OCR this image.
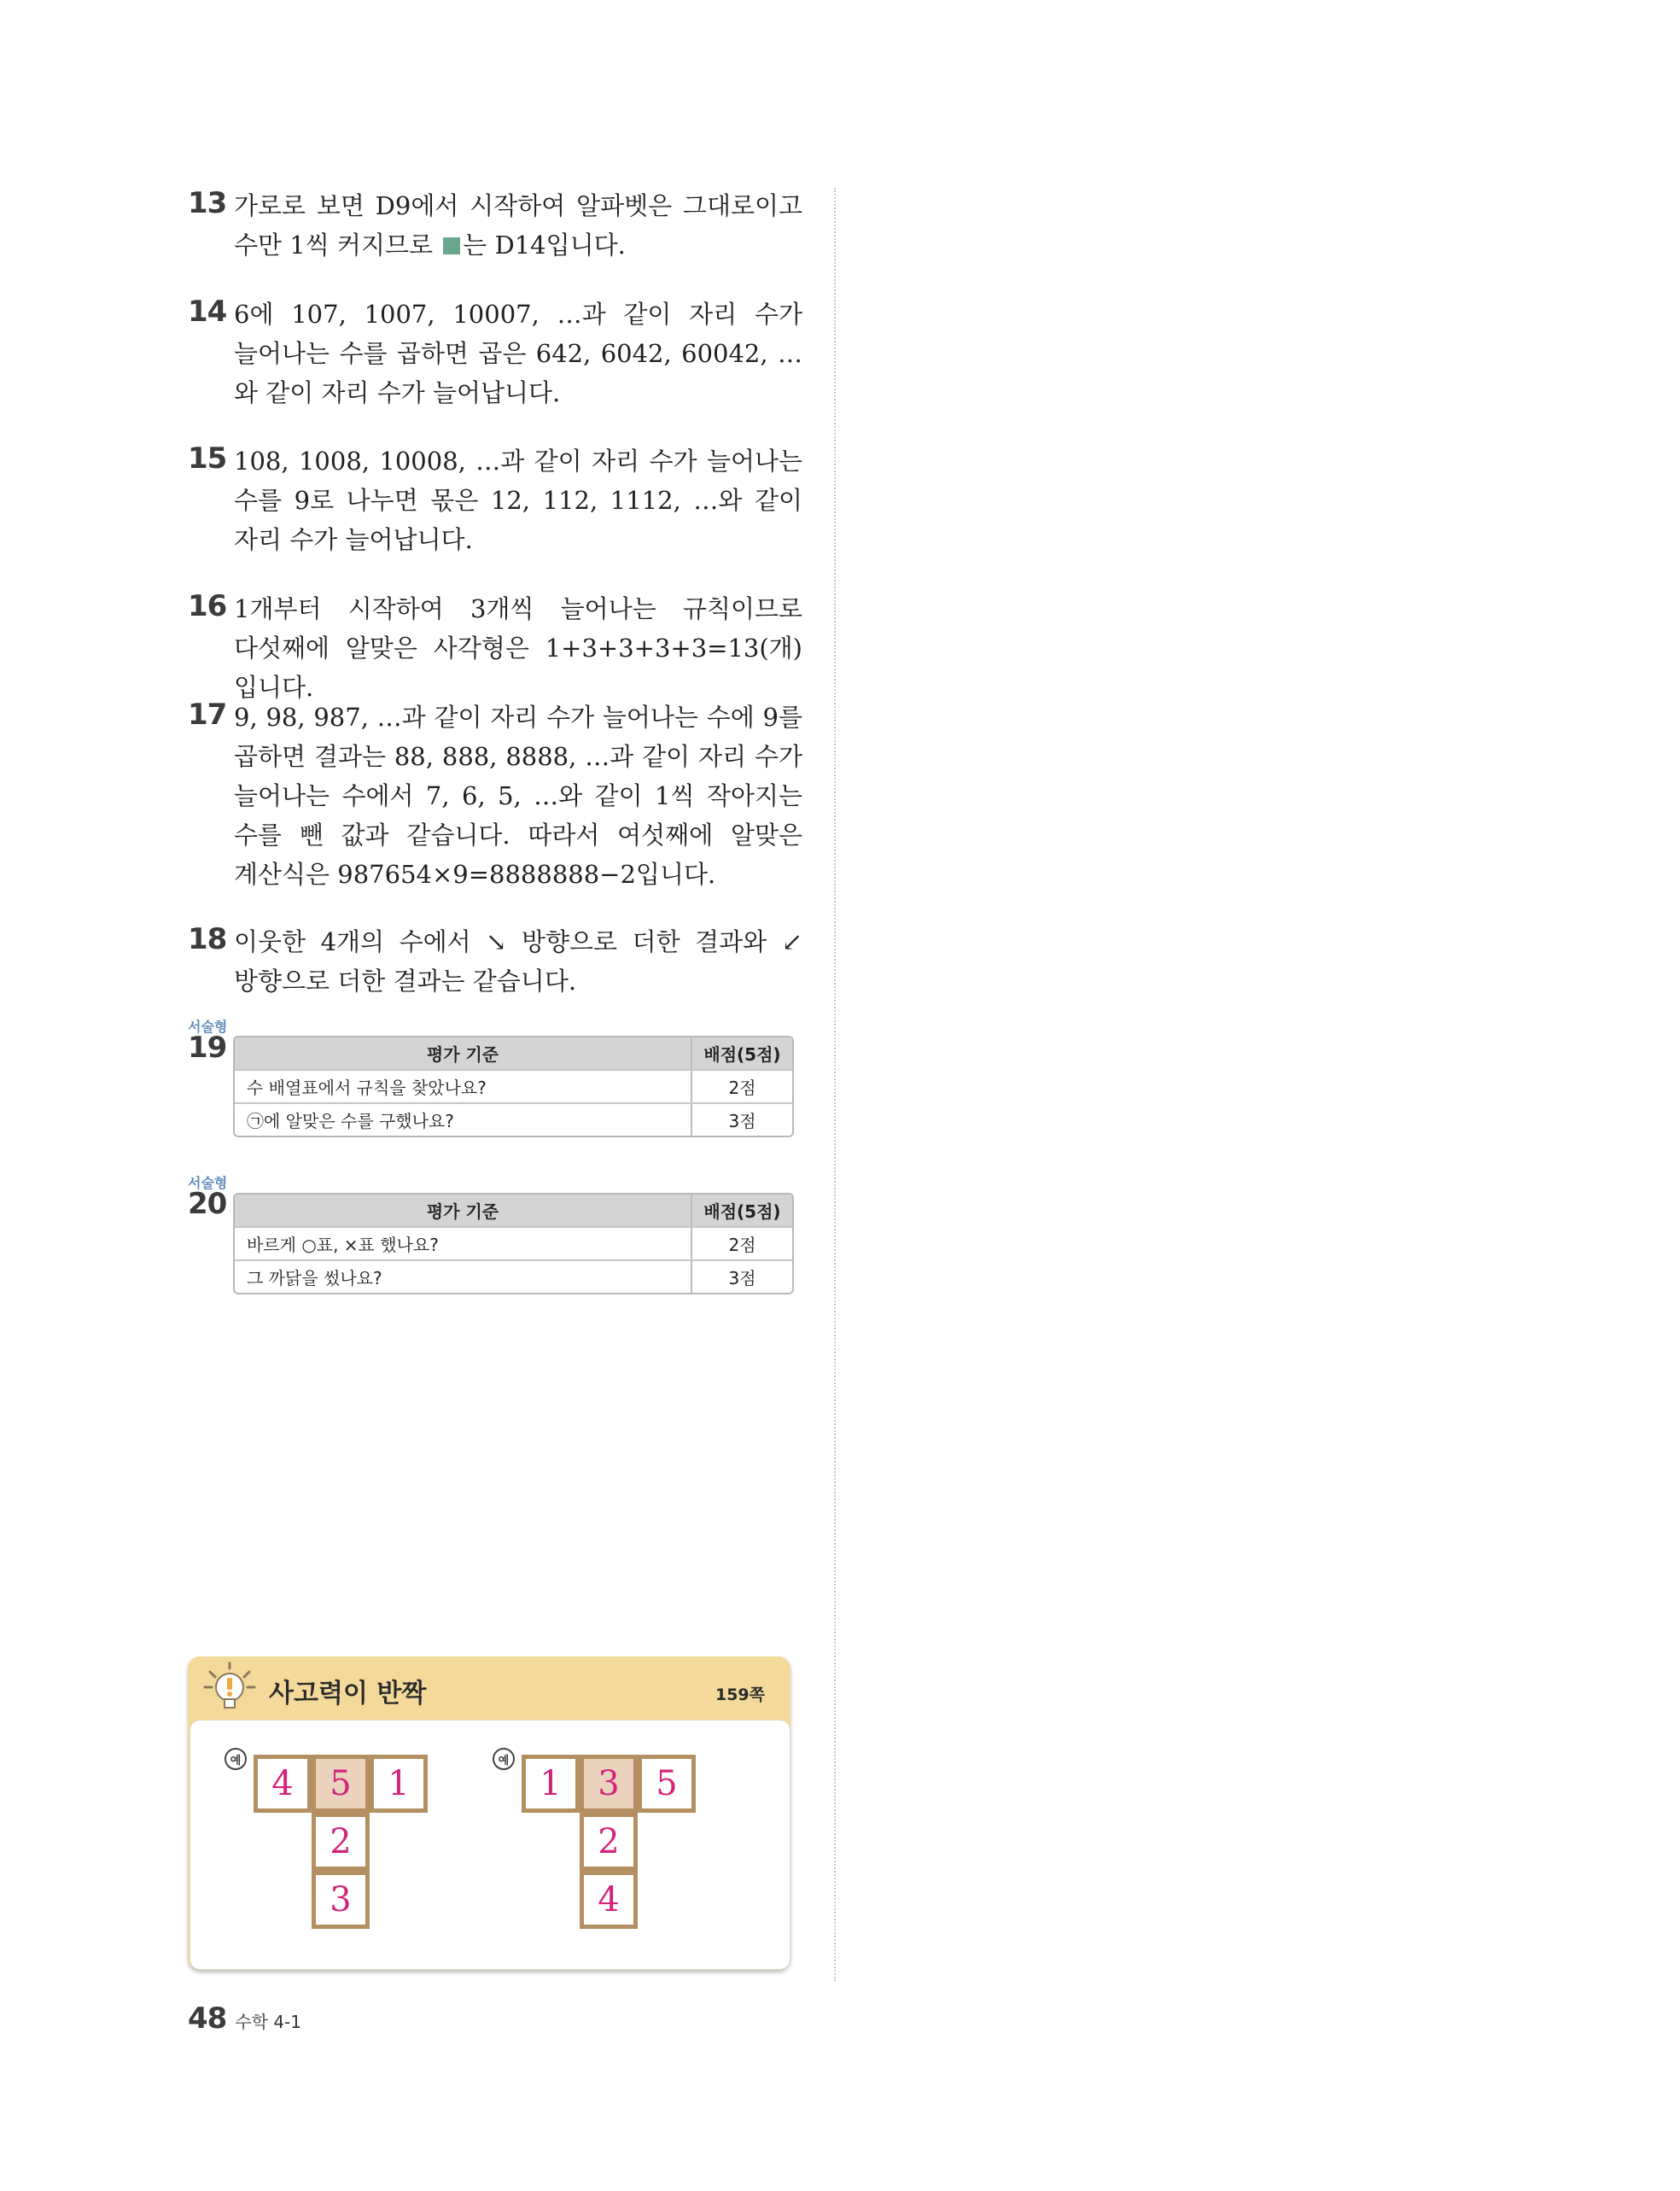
13 가로로 보면 D9에서 시작하여 알파벳은 그대로이고 수만 1씩 커지므로 는 D14입니다.
14 6에 107, 1007, 10007, …과 같이 자리 수가 늘어나는 수를 곱하면 곱은 642, 6042, 60042, …와 같이 자리 수가 늘어납니다.
15 108, 1008, 10008, …과 같이 자리 수가 늘어나는 수를 9로 나누면 몫은 12, 112, 1112, …와 같이 자리 수가 늘어납니다.
16 1개부터 시작하여 3개씩 늘어나는 규칙이므로 다섯째에 알맞은 사각형은 1+3+3+3+3=13(개)입니다.
17 9, 98, 987, …과 같이 자리 수가 늘어나는 수에 9를 곱하면 결과는 88, 888, 8888, …과 같이 자리 수가 늘어나는 수에서 7, 6, 5, …와 같이 1씩 작아지는 수를 뺀 값과 같습니다. 따라서 여섯째에 알맞은 계산식은 987654×9=8888888−2입니다.
18 이웃한 4개의 수에서 ↘ 방향으로 더한 결과와 ↙ 방향으로 더한 결과는 같습니다.
서술형
19	평가 기준	배점(5점)
수 배열표에서 규칙을 찾았나요?	2점
㉠에 알맞은 수를 구했나요?	3점
서술형
20	평가 기준	배점(5점)
바르게 ○표, ×표 했나요?	2점
그 까닭을 썼나요?	3점
사고력이 반짝	159쪽
예
4	5	1
2
3
예
1	3	5
2
4
48 수학 4-1
